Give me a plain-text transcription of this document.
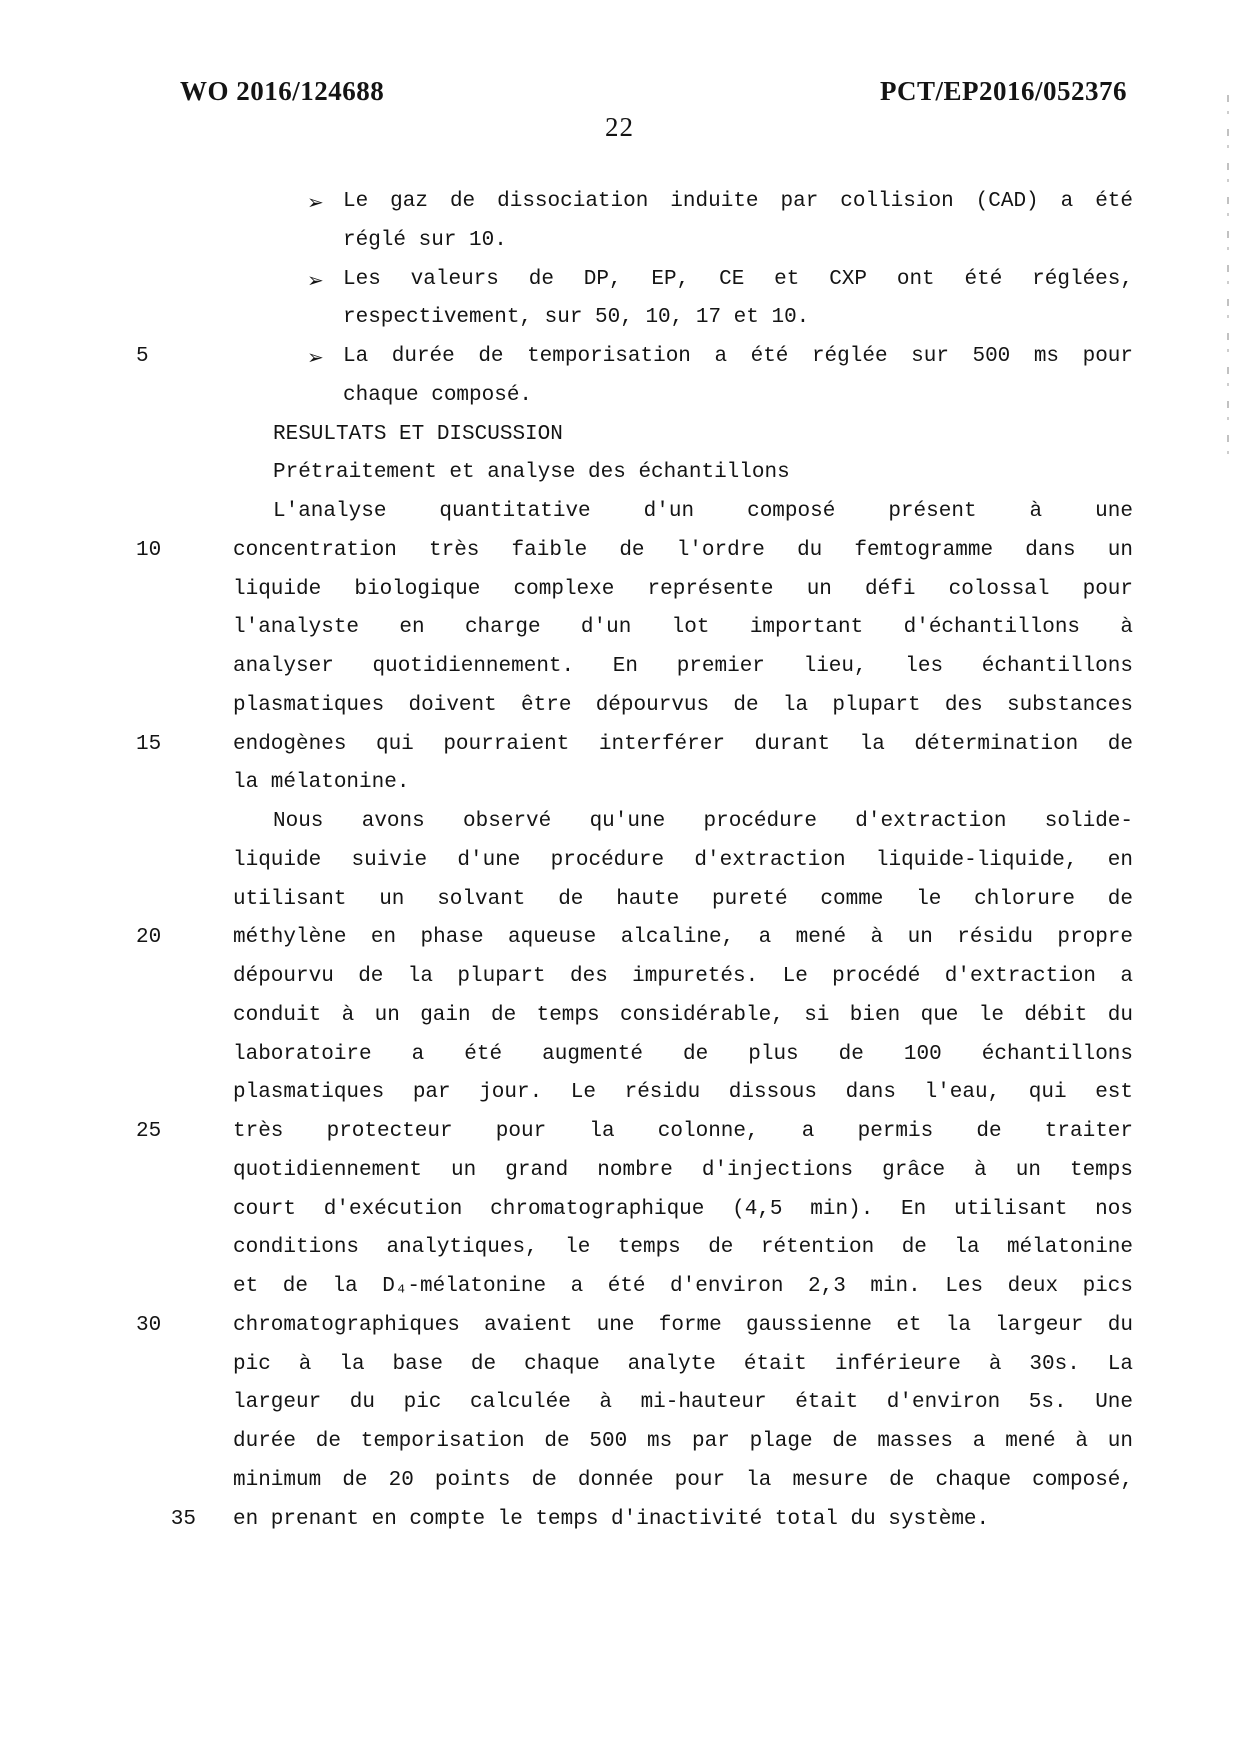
WO 2016/124688	PCT/EP2016/052376
22
➢ Le gaz de dissociation induite par collision (CAD) a été
réglé sur 10.
➢ Les valeurs de DP, EP, CE et CXP ont été réglées,
respectivement, sur 50, 10, 17 et 10.
5	➢ La durée de temporisation a été réglée sur 500 ms pour
chaque composé.
RESULTATS ET DISCUSSION
Prétraitement et analyse des échantillons
L'analyse quantitative d'un composé présent à une
10	concentration très faible de l'ordre du femtogramme dans un
liquide biologique complexe représente un défi colossal pour
l'analyste en charge d'un lot important d'échantillons à
analyser quotidiennement. En premier lieu, les échantillons
plasmatiques doivent être dépourvus de la plupart des substances
15	endogènes qui pourraient interférer durant la détermination de
la mélatonine.
Nous avons observé qu'une procédure d'extraction solide-
liquide suivie d'une procédure d'extraction liquide-liquide, en
utilisant un solvant de haute pureté comme le chlorure de
20	méthylène en phase aqueuse alcaline, a mené à un résidu propre
dépourvu de la plupart des impuretés. Le procédé d'extraction a
conduit à un gain de temps considérable, si bien que le débit du
laboratoire a été augmenté de plus de 100 échantillons
plasmatiques par jour. Le résidu dissous dans l'eau, qui est
25	très protecteur pour la colonne, a permis de traiter
quotidiennement un grand nombre d'injections grâce à un temps
court d'exécution chromatographique (4,5 min). En utilisant nos
conditions analytiques, le temps de rétention de la mélatonine
et de la D₄-mélatonine a été d'environ 2,3 min. Les deux pics
30	chromatographiques avaient une forme gaussienne et la largeur du
pic à la base de chaque analyte était inférieure à 30s. La
largeur du pic calculée à mi-hauteur était d'environ 5s. Une
durée de temporisation de 500 ms par plage de masses a mené à un
minimum de 20 points de donnée pour la mesure de chaque composé,
35 en prenant en compte le temps d'inactivité total du système.
